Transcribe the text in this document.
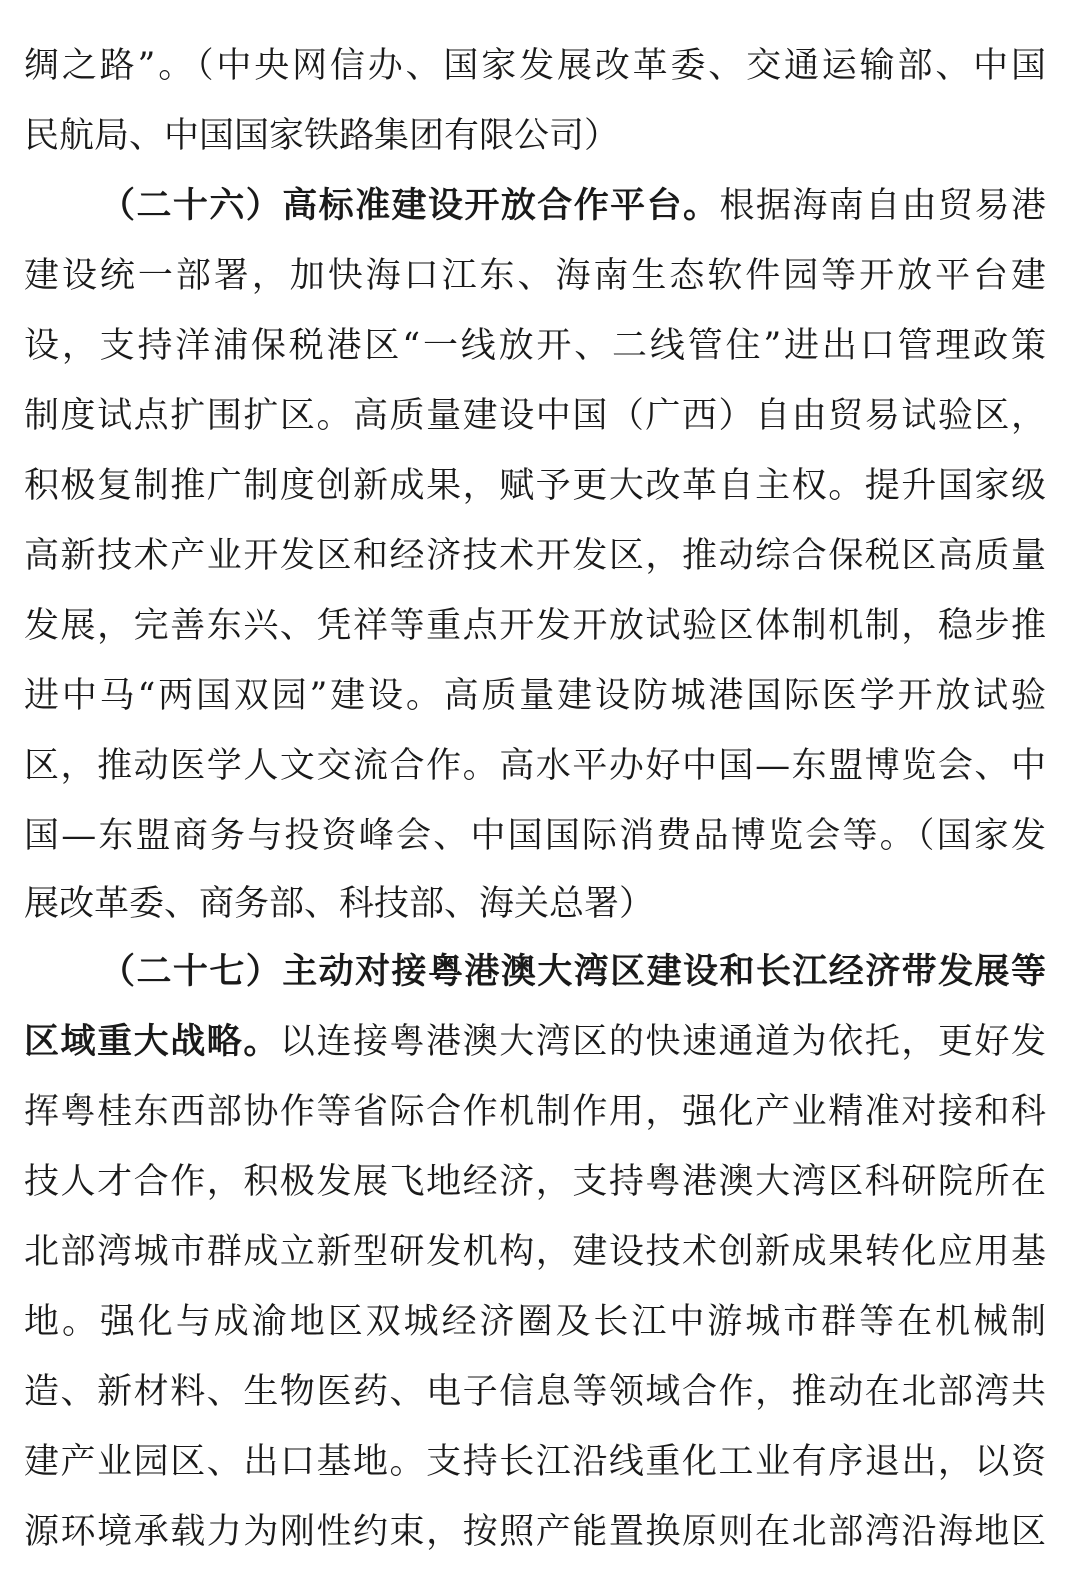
绸之路”。（中央网信办、国家发展改革委、交通运输部、中国
民航局、中国国家铁路集团有限公司）
（二十六）高标准建设开放合作平台。根据海南自由贸易港
建设统一部署，加快海口江东、海南生态软件园等开放平台建
设，支持洋浦保税港区“一线放开、二线管住”进出口管理政策
制度试点扩围扩区。高质量建设中国（广西）自由贸易试验区，
积极复制推广制度创新成果，赋予更大改革自主权。提升国家级
高新技术产业开发区和经济技术开发区，推动综合保税区高质量
发展，完善东兴、凭祥等重点开发开放试验区体制机制，稳步推
进中马“两国双园”建设。高质量建设防城港国际医学开放试验
区，推动医学人文交流合作。高水平办好中国—东盟博览会、中
国—东盟商务与投资峰会、中国国际消费品博览会等。（国家发
展改革委、商务部、科技部、海关总署）
（二十七）主动对接粤港澳大湾区建设和长江经济带发展等
区域重大战略。以连接粤港澳大湾区的快速通道为依托，更好发
挥粤桂东西部协作等省际合作机制作用，强化产业精准对接和科
技人才合作，积极发展飞地经济，支持粤港澳大湾区科研院所在
北部湾城市群成立新型研发机构，建设技术创新成果转化应用基
地。强化与成渝地区双城经济圈及长江中游城市群等在机械制
造、新材料、生物医药、电子信息等领域合作，推动在北部湾共
建产业园区、出口基地。支持长江沿线重化工业有序退出，以资
源环境承载力为刚性约束，按照产能置换原则在北部湾沿海地区
